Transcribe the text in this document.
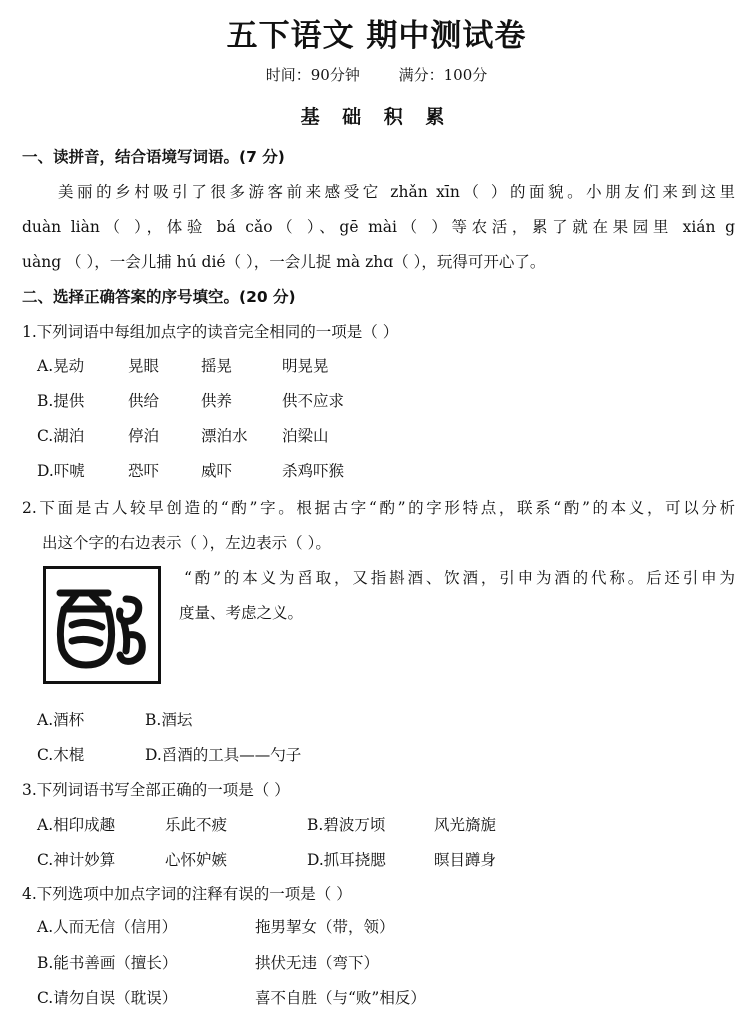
五下语文 期中测试卷
时间：90分钟	满分：100分
基 础 积 累
一、读拼音，结合语境写词语。(7 分)
美丽的乡村吸引了很多游客前来感受它 zhǎn xīn（ ）的面貌。小朋友们来到这里
duàn liàn（ ），体验 bá cǎo（ ）、gē mài（ ）等农活，累了就在果园里 xián g
uàng （ ），一会儿捕 hú dié（ ），一会儿捉 mà zhɑ（ ），玩得可开心了。
二、选择正确答案的序号填空。(20 分)
1.下列词语中每组加点字的读音完全相同的一项是（ ）
A.晃动	晃眼	摇晃	明晃晃
B.提供	供给	供养	供不应求
C.湖泊	停泊	漂泊水 泊梁山
D.吓唬	恐吓	威吓	杀鸡吓猴
2.下面是古人较早创造的“酌”字。根据古字“酌”的字形特点，联系“酌”的本义，可以分析
出这个字的右边表示（ ），左边表示（ ）。
“酌”的本义为舀取，又指斟酒、饮酒，引申为酒的代称。后还引申为
度量、考虑之义。
A.酒杯	B.酒坛
C.木棍	D.舀酒的工具——勺子
3.下列词语书写全部正确的一项是（ ）
A.相印成趣	乐此不疲	B.碧波万顷	风光旖旎
C.神计妙算	心怀妒嫉	D.抓耳挠腮	暝目蹲身
4.下列选项中加点字词的注释有误的一项是（ ）
A.人而无信（信用）	拖男挈女（带，领）
B.能书善画（擅长）	拱伏无违（弯下）
C.请勿自误（耽误）	喜不自胜（与“败”相反）
